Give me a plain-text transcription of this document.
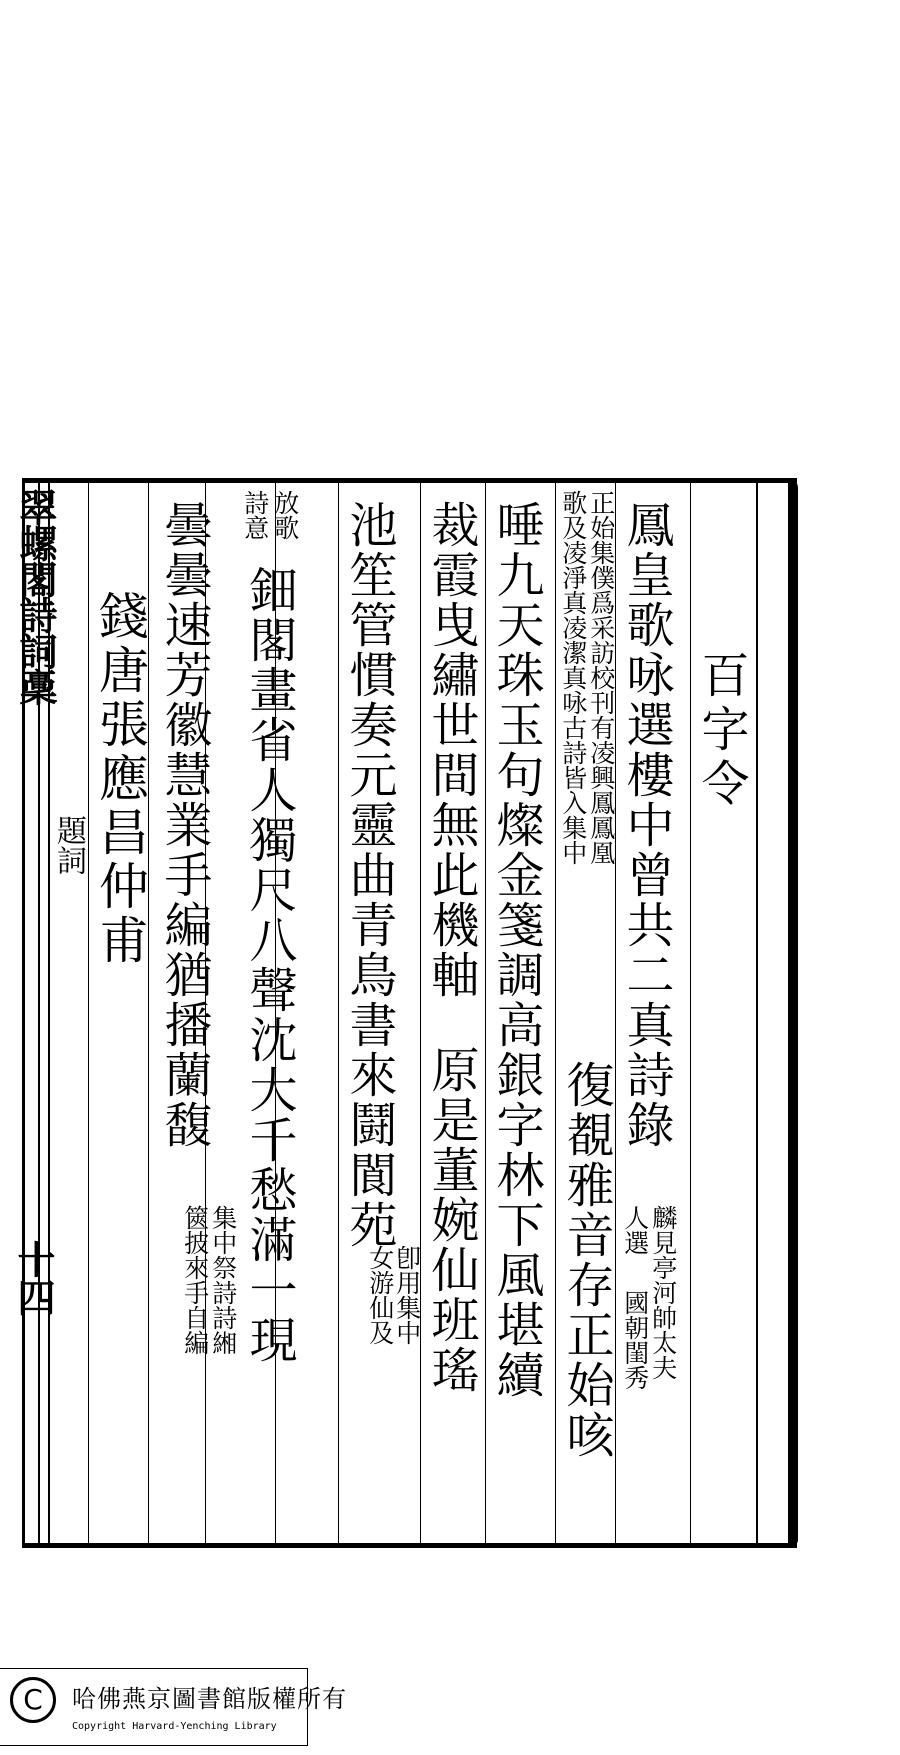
翠螺閣詩詞稾
題詞
十四
百字令
鳳皇歌咏選樓中曾共二真詩錄
麟見亭河帥太夫
人選
國朝閨秀
正始集僕爲采訪校刊有凌興鳳鳳凰
歌及凌淨真凌潔真咏古詩皆入集中
復覩雅音存正始咳
唾九天珠玉句燦金箋調高銀字林下風堪續
裁霞曳繡世間無此機軸
原是董婉仙班瑤
池笙管慣奏元靈曲青鳥書來鬪閬苑
卽用集中
女游仙及
放歌
詩意
鈿閣畫省人獨尺八聲沈大千愁滿一現
曇曇速芳徽慧業手編猶播蘭馥
集中祭詩詩緗
篋披來手自編
錢唐張應昌仲甫
C	哈佛燕京圖書館版權所有
Copyright Harvard-Yenching Library
